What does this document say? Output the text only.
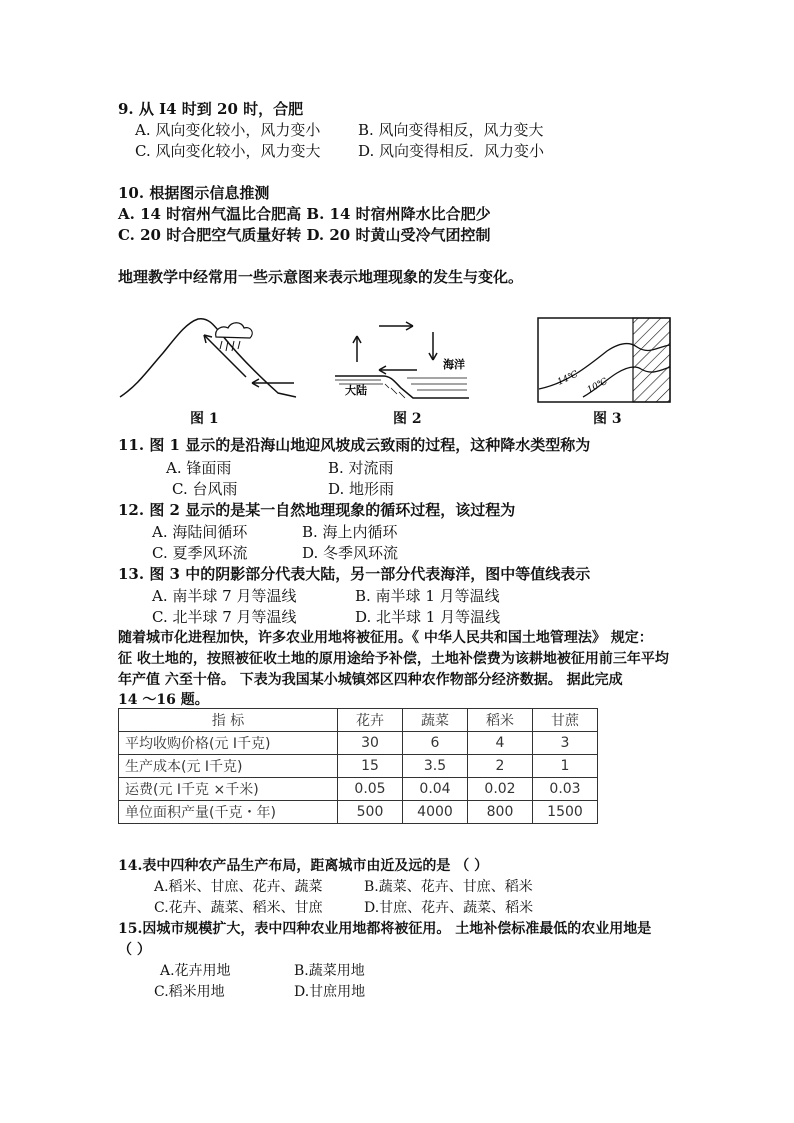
9. 从 I4 时到 20 时，合肥
A. 风向变化较小，风力变小	B. 风向变得相反，风力变大
C. 风向变化较小，风力变大	D. 风向变得相反．风力变小
10. 根据图示信息推测
A. 14 时宿州气温比合肥高 B. 14 时宿州降水比合肥少
C. 20 时合肥空气质量好转 D. 20 时黄山受冷气团控制
地理教学中经常用一些示意图来表示地理现象的发生与变化。
图 1
海洋
大陆
图 2
14℃ 10℃
图 3
11. 图 1 显示的是沿海山地迎风坡成云致雨的过程，这种降水类型称为
A. 锋面雨	B. 对流雨
C. 台风雨	D. 地形雨
12. 图 2 显示的是某一自然地理现象的循环过程，该过程为
A. 海陆间循环	B. 海上内循环
C. 夏季风环流	D. 冬季风环流
13. 图 3 中的阴影部分代表大陆，另一部分代表海洋，图中等值线表示
A. 南半球 7 月等温线	B. 南半球 1 月等温线
C. 北半球 7 月等温线	D. 北半球 1 月等温线
随着城市化进程加快，许多农业用地将被征用。《 中华人民共和国土地管理法》 规定：
征 收土地的，按照被征收土地的原用途给予补偿，土地补偿费为该耕地被征用前三年平均
年产值 六至十倍。 下表为我国某小城镇郊区四种农作物部分经济数据。 据此完成
14 ～16 题。
指 标	花卉	蔬菜	稻米	甘蔗
平均收购价格(元 I千克)	30	6	4	3
生产成本(元 I千克)	15	3.5	2	1
运费(元 I千克 ×千米)	0.05	0.04	0.02	0.03
单位面积产量(千克・年)	500	4000	800	1500
14.表中四种农产品生产布局，距离城市由近及远的是 （ ）
A.稻米、甘庶、花卉、蔬菜	B.蔬菜、花卉、甘庶、稻米
C.花卉、蔬菜、稻米、甘庶	D.甘庶、花卉、蔬菜、稻米
15.因城市规模扩大，表中四种农业用地都将被征用。 土地补偿标准最低的农业用地是
（ ）
A.花卉用地	B.蔬菜用地
C.稻米用地	D.甘庶用地
